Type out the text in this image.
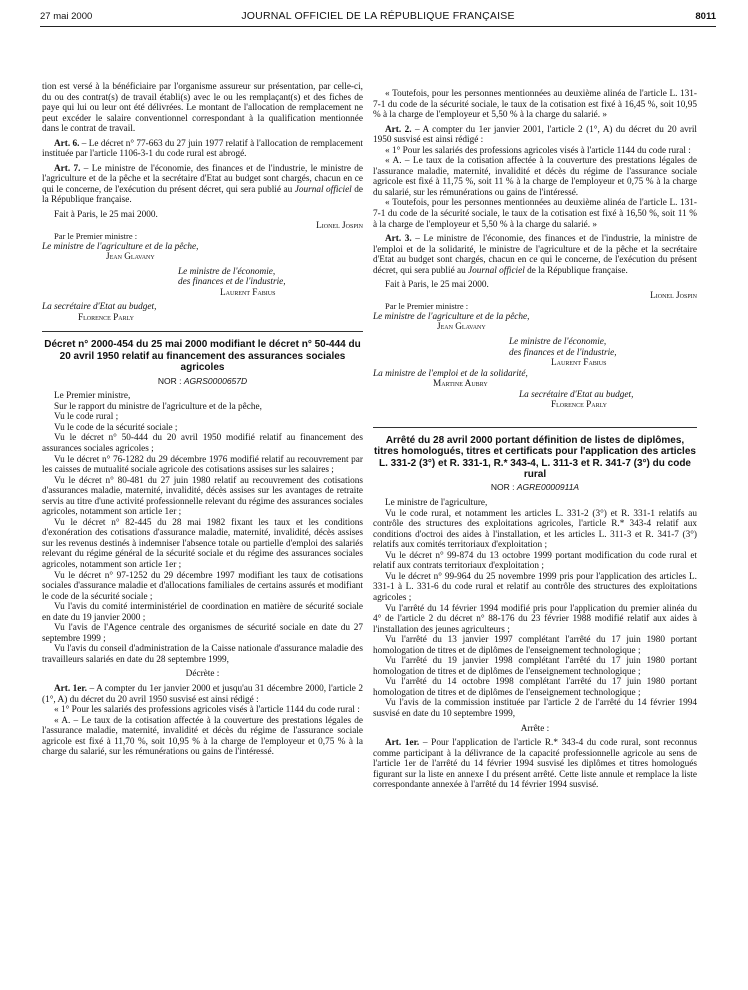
27 mai 2000	JOURNAL OFFICIEL DE LA RÉPUBLIQUE FRANÇAISE	8011

tion est versé à la bénéficiaire par l'organisme assureur sur présentation, par celle-ci, du ou des contrat(s) de travail établi(s) avec le ou les remplaçant(s) et des fiches de paye qui lui ou leur ont été délivrées. Le montant de l'allocation de remplacement ne peut excéder le salaire conventionnel correspondant à la qualification mentionnée dans le contrat de travail.

Art. 6. – Le décret n° 77-663 du 27 juin 1977 relatif à l'allocation de remplacement instituée par l'article 1106-3-1 du code rural est abrogé.

Art. 7. – Le ministre de l'économie, des finances et de l'industrie, le ministre de l'agriculture et de la pêche et la secrétaire d'Etat au budget sont chargés, chacun en ce qui le concerne, de l'exécution du présent décret, qui sera publié au Journal officiel de la République française.

Fait à Paris, le 25 mai 2000.

Lionel Jospin

Par le Premier ministre :

Le ministre de l'agriculture et de la pêche,

Jean Glavany

Le ministre de l'économie,

des finances et de l'industrie,

Laurent Fabius

La secrétaire d'Etat au budget,

Florence Parly

Décret n° 2000-454 du 25 mai 2000 modifiant le décret n° 50-444 du 20 avril 1950 relatif au financement des assurances sociales agricoles

NOR : AGRS0000657D

Le Premier ministre,

Sur le rapport du ministre de l'agriculture et de la pêche,

Vu le code rural ;

Vu le code de la sécurité sociale ;

Vu le décret n° 50-444 du 20 avril 1950 modifié relatif au financement des assurances sociales agricoles ;

Vu le décret n° 76-1282 du 29 décembre 1976 modifié relatif au recouvrement par les caisses de mutualité sociale agricole des cotisations assises sur les salaires ;

Vu le décret n° 80-481 du 27 juin 1980 relatif au recouvrement des cotisations d'assurances maladie, maternité, invalidité, décès assises sur les avantages de retraite servis au titre d'une activité professionnelle relevant du régime des assurances sociales agricoles, notamment son article 1er ;

Vu le décret n° 82-445 du 28 mai 1982 fixant les taux et les conditions d'exonération des cotisations d'assurance maladie, maternité, invalidité, décès assises sur les revenus destinés à indemniser l'absence totale ou partielle d'emploi des salariés relevant du régime général de la sécurité sociale et du régime des assurances sociales agricoles, notamment son article 1er ;

Vu le décret n° 97-1252 du 29 décembre 1997 modifiant les taux de cotisations sociales d'assurance maladie et d'allocations familiales de certains assurés et modifiant le code de la sécurité sociale ;

Vu l'avis du comité interministériel de coordination en matière de sécurité sociale en date du 19 janvier 2000 ;

Vu l'avis de l'Agence centrale des organismes de sécurité sociale en date du 27 septembre 1999 ;

Vu l'avis du conseil d'administration de la Caisse nationale d'assurance maladie des travailleurs salariés en date du 28 septembre 1999,

Décrète :

Art. 1er. – A compter du 1er janvier 2000 et jusqu'au 31 décembre 2000, l'article 2 (1°, A) du décret du 20 avril 1950 susvisé est ainsi rédigé :

« 1° Pour les salariés des professions agricoles visés à l'article 1144 du code rural :

« A. – Le taux de la cotisation affectée à la couverture des prestations légales de l'assurance maladie, maternité, invalidité et décès du régime de l'assurance sociale agricole est fixé à 11,70 %, soit 10,95 % à la charge de l'employeur et 0,75 % à la charge du salarié, sur les rémunérations ou gains de l'intéressé.

« Toutefois, pour les personnes mentionnées au deuxième alinéa de l'article L. 131-7-1 du code de la sécurité sociale, le taux de la cotisation est fixé à 16,45 %, soit 10,95 % à la charge de l'employeur et 5,50 % à la charge du salarié. »

Art. 2. – A compter du 1er janvier 2001, l'article 2 (1°, A) du décret du 20 avril 1950 susvisé est ainsi rédigé :

« 1° Pour les salariés des professions agricoles visés à l'article 1144 du code rural :

« A. – Le taux de la cotisation affectée à la couverture des prestations légales de l'assurance maladie, maternité, invalidité et décès du régime de l'assurance sociale agricole est fixé à 11,75 %, soit 11 % à la charge de l'employeur et 0,75 % à la charge du salarié, sur les rémunérations ou gains de l'intéressé.

« Toutefois, pour les personnes mentionnées au deuxième alinéa de l'article L. 131-7-1 du code de la sécurité sociale, le taux de la cotisation est fixé à 16,50 %, soit 11 % à la charge de l'employeur et 5,50 % à la charge du salarié. »

Art. 3. – Le ministre de l'économie, des finances et de l'industrie, la ministre de l'emploi et de la solidarité, le ministre de l'agriculture et de la pêche et la secrétaire d'Etat au budget sont chargés, chacun en ce qui le concerne, de l'exécution du présent décret, qui sera publié au Journal officiel de la République française.

Fait à Paris, le 25 mai 2000.

Lionel Jospin

Par le Premier ministre :

Le ministre de l'agriculture et de la pêche,

Jean Glavany

Le ministre de l'économie,

des finances et de l'industrie,

Laurent Fabius

La ministre de l'emploi et de la solidarité,

Martine Aubry

La secrétaire d'Etat au budget,

Florence Parly

Arrêté du 28 avril 2000 portant définition de listes de diplômes, titres homologués, titres et certificats pour l'application des articles L. 331-2 (3°) et R. 331-1, R.* 343-4, L. 311-3 et R. 341-7 (3°) du code rural

NOR : AGRE0000911A

Le ministre de l'agriculture,

Vu le code rural, et notamment les articles L. 331-2 (3°) et R. 331-1 relatifs au contrôle des structures des exploitations agricoles, l'article R.* 343-4 relatif aux conditions d'octroi des aides à l'installation, et les articles L. 311-3 et R. 341-7 (3°) relatifs aux comités territoriaux d'exploitation ;

Vu le décret n° 99-874 du 13 octobre 1999 portant modification du code rural et relatif aux contrats territoriaux d'exploitation ;

Vu le décret n° 99-964 du 25 novembre 1999 pris pour l'application des articles L. 331-1 à L. 331-6 du code rural et relatif au contrôle des structures des exploitations agricoles ;

Vu l'arrêté du 14 février 1994 modifié pris pour l'application du premier alinéa du 4° de l'article 2 du décret n° 88-176 du 23 février 1988 modifié relatif aux aides à l'installation des jeunes agriculteurs ;

Vu l'arrêté du 13 janvier 1997 complétant l'arrêté du 17 juin 1980 portant homologation de titres et de diplômes de l'enseignement technologique ;

Vu l'arrêté du 19 janvier 1998 complétant l'arrêté du 17 juin 1980 portant homologation de titres et de diplômes de l'enseignement technologique ;

Vu l'arrêté du 14 octobre 1998 complétant l'arrêté du 17 juin 1980 portant homologation de titres et de diplômes de l'enseignement technologique ;

Vu l'avis de la commission instituée par l'article 2 de l'arrêté du 14 février 1994 susvisé en date du 10 septembre 1999,

Arrête :

Art. 1er. – Pour l'application de l'article R.* 343-4 du code rural, sont reconnus comme participant à la délivrance de la capacité professionnelle agricole au sens de l'article 1er de l'arrêté du 14 février 1994 susvisé les diplômes et titres homologués figurant sur la liste en annexe I du présent arrêté. Cette liste annule et remplace la liste correspondante annexée à l'arrêté du 14 février 1994 susvisé.
